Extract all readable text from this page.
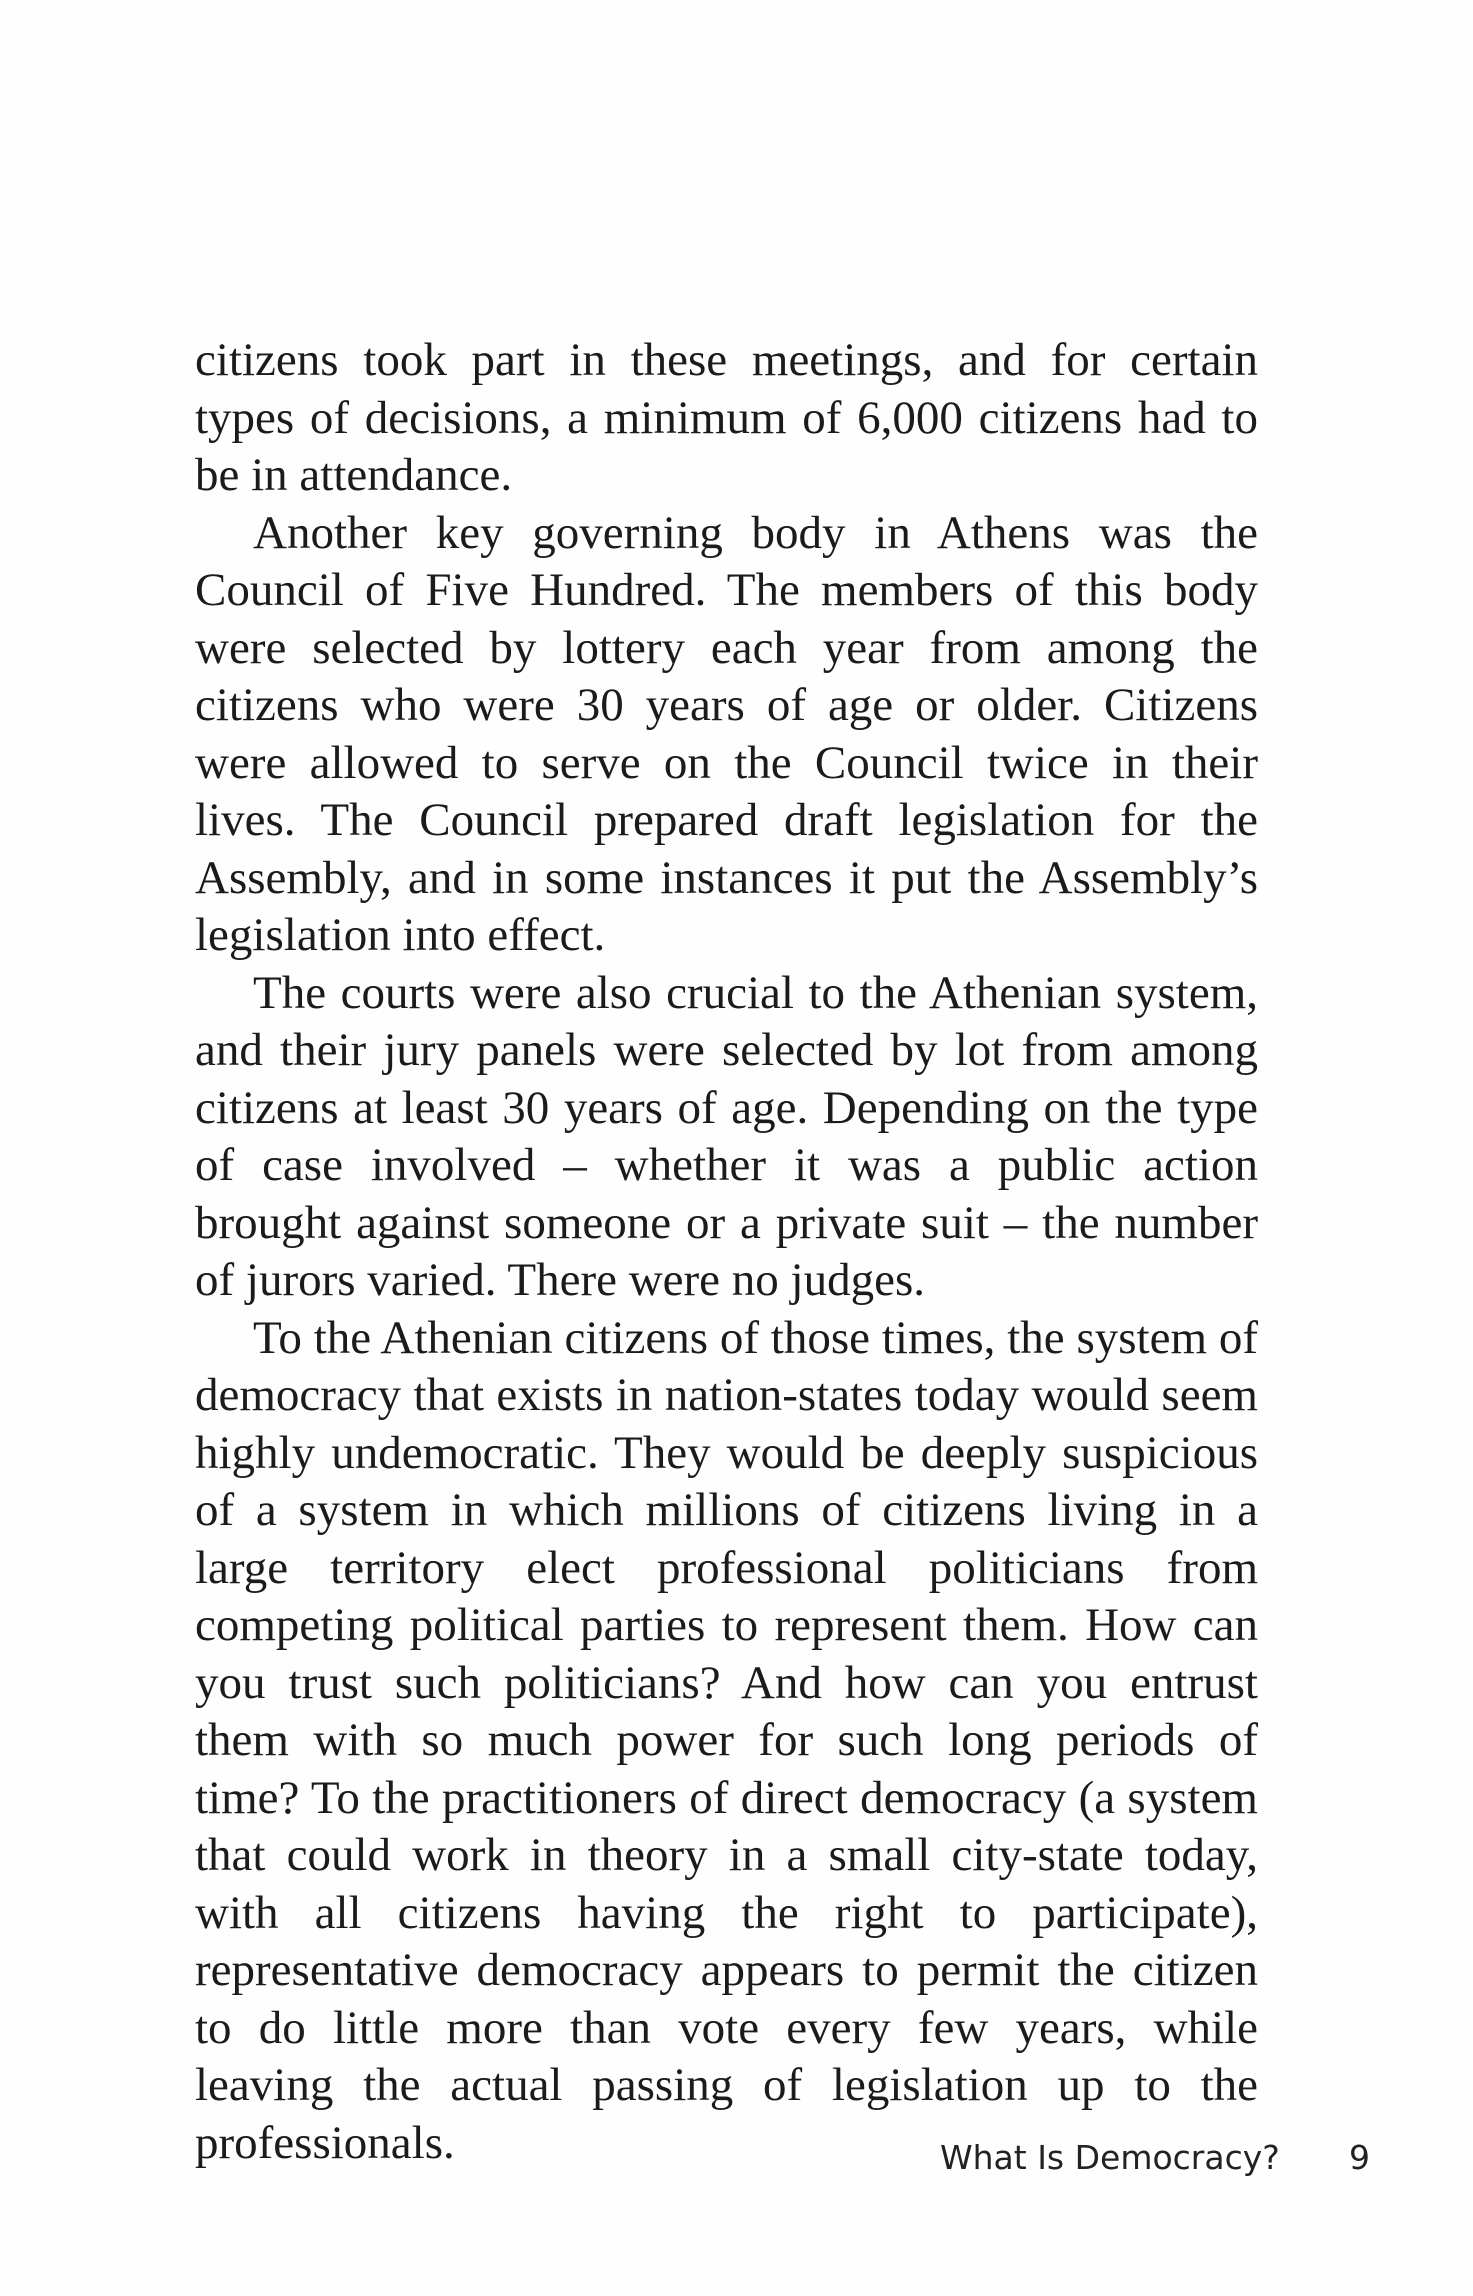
citizens took part in these meetings, and for certain types of decisions, a minimum of 6,000 citizens had to be in attendance.

Another key governing body in Athens was the Council of Five Hundred. The members of this body were selected by lottery each year from among the citizens who were 30 years of age or older. Citizens were allowed to serve on the Council twice in their lives. The Council prepared draft legislation for the Assembly, and in some instances it put the Assembly’s legislation into effect.

The courts were also crucial to the Athenian system, and their jury panels were selected by lot from among citizens at least 30 years of age. Depending on the type of case involved – whether it was a public action brought against someone or a private suit – the number of jurors varied. There were no judges.

To the Athenian citizens of those times, the system of democracy that exists in nation-states today would seem highly undemocratic. They would be deeply suspicious of a system in which millions of citizens living in a large territory elect professional politicians from competing political parties to represent them. How can you trust such politicians? And how can you entrust them with so much power for such long periods of time? To the practitioners of direct democracy (a system that could work in theory in a small city-state today, with all citizens having the right to participate), representative democracy appears to permit the citizen to do little more than vote every few years, while leaving the actual passing of legislation up to the professionals.	What Is Democracy? 9
